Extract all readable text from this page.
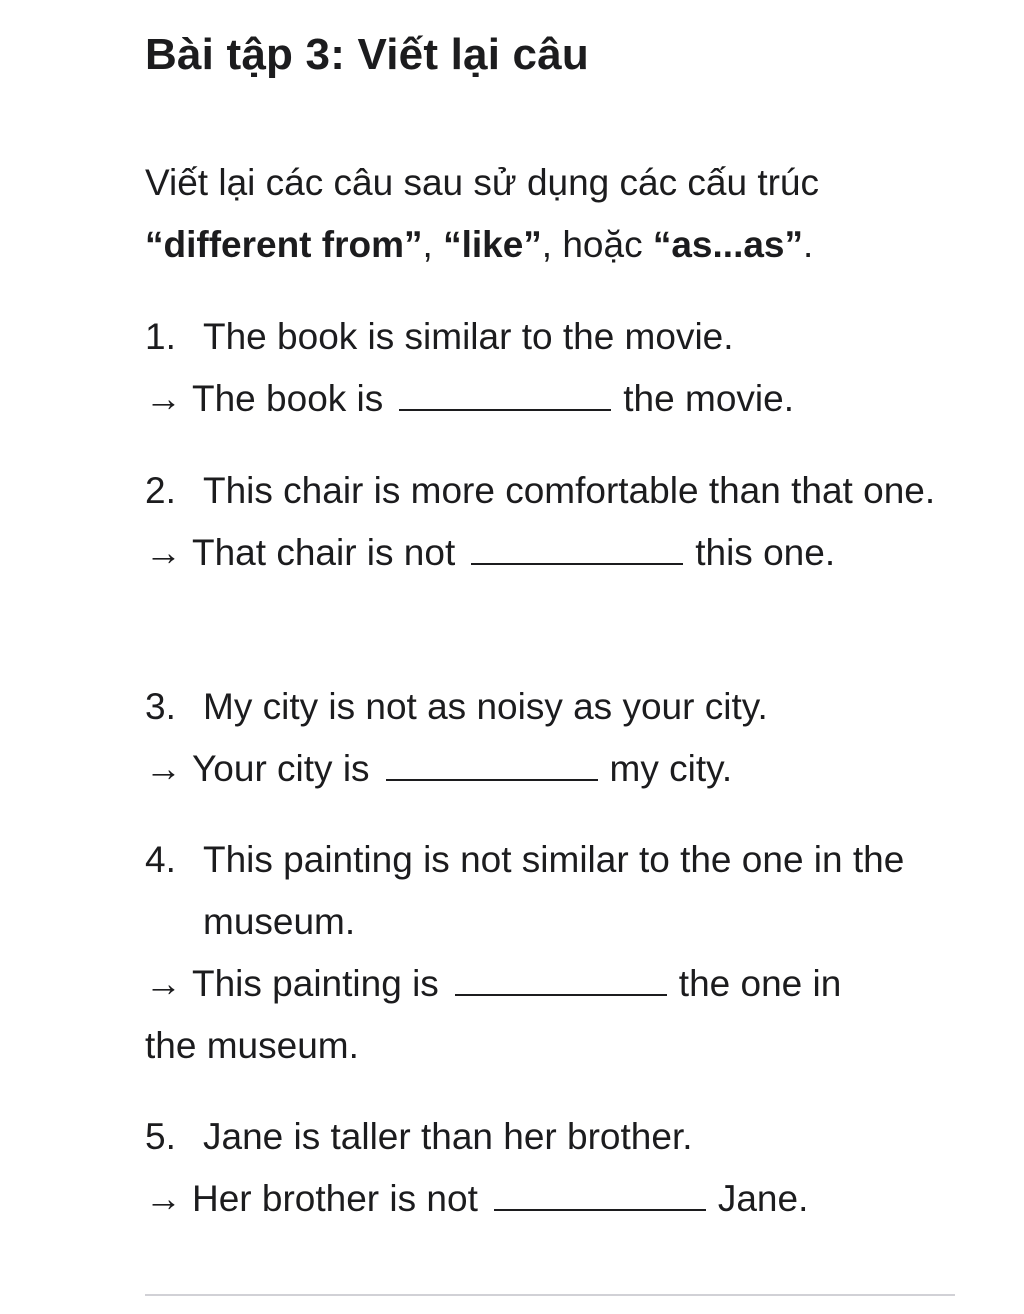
Bài tập 3: Viết lại câu

Viết lại các câu sau sử dụng các cấu trúc
“different from”, “like”, hoặc “as...as”.

1. The book is similar to the movie.
→ The book is	the movie.
2. This chair is more comfortable than that one.
→ That chair is not	this one.
3. My city is not as noisy as your city.
→ Your city is	my city.
4. This painting is not similar to the one in the museum.
→ This painting is	the one in
the museum.
5. Jane is taller than her brother.
→ Her brother is not	Jane.
